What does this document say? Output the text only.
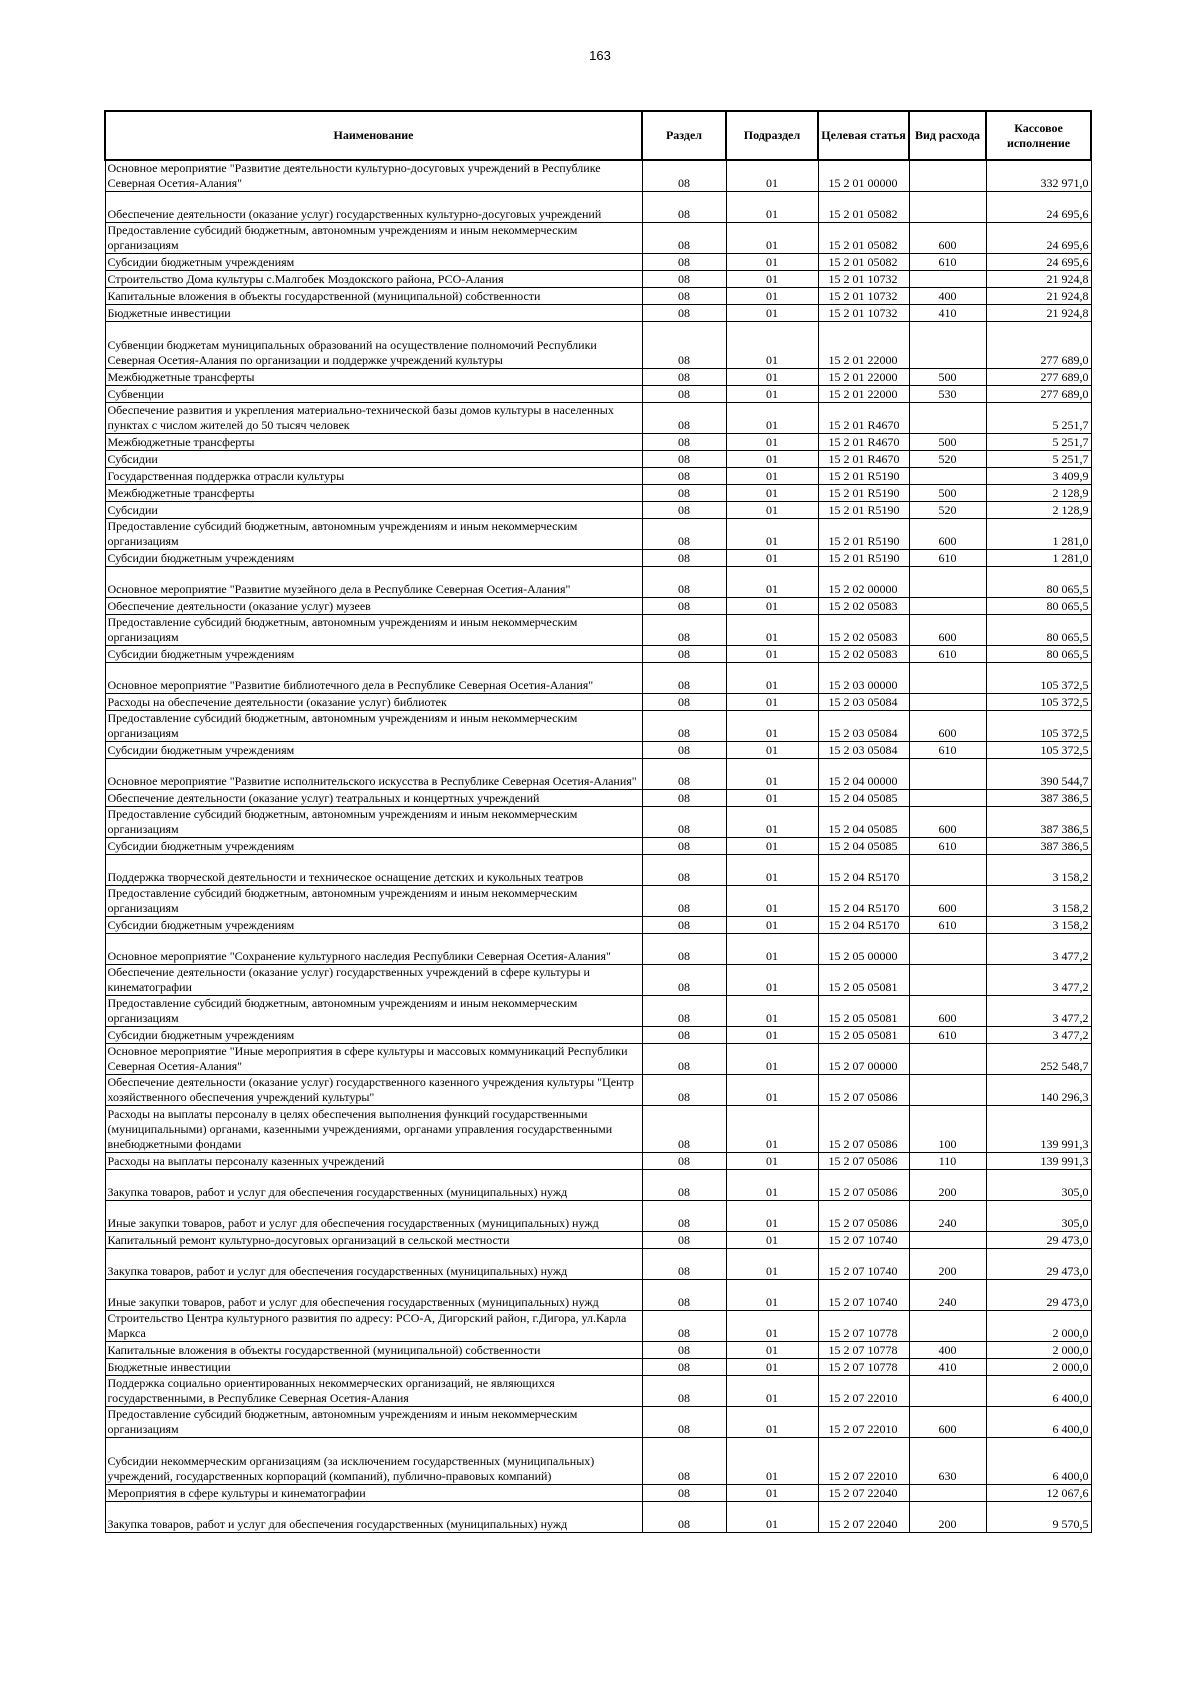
163
Наименование	Раздел	Подраздел	Целевая статья	Вид расхода	Кассовое исполнение
Основное мероприятие "Развитие деятельности культурно-досуговых учреждений в Республике Северная Осетия-Алания"	08	01	15 2 01 00000		332 971,0
Обеспечение деятельности (оказание услуг) государственных культурно-досуговых учреждений	08	01	15 2 01 05082		24 695,6
Предоставление субсидий бюджетным, автономным учреждениям и иным некоммерческим организациям	08	01	15 2 01 05082	600	24 695,6
Субсидии бюджетным учреждениям	08	01	15 2 01 05082	610	24 695,6
Строительство Дома культуры с.Малгобек Моздокского района, РСО-Алания	08	01	15 2 01 10732		21 924,8
Капитальные вложения в объекты государственной (муниципальной) собственности	08	01	15 2 01 10732	400	21 924,8
Бюджетные инвестиции	08	01	15 2 01 10732	410	21 924,8
Субвенции бюджетам муниципальных образований на осуществление полномочий Республики Северная Осетия-Алания по организации и поддержке учреждений культуры	08	01	15 2 01 22000		277 689,0
Межбюджетные трансферты	08	01	15 2 01 22000	500	277 689,0
Субвенции	08	01	15 2 01 22000	530	277 689,0
Обеспечение развития и укрепления материально-технической базы домов культуры в населенных пунктах с числом жителей до 50 тысяч человек	08	01	15 2 01 R4670		5 251,7
Межбюджетные трансферты	08	01	15 2 01 R4670	500	5 251,7
Субсидии	08	01	15 2 01 R4670	520	5 251,7
Государственная поддержка отрасли культуры	08	01	15 2 01 R5190		3 409,9
Межбюджетные трансферты	08	01	15 2 01 R5190	500	2 128,9
Субсидии	08	01	15 2 01 R5190	520	2 128,9
Предоставление субсидий бюджетным, автономным учреждениям и иным некоммерческим организациям	08	01	15 2 01 R5190	600	1 281,0
Субсидии бюджетным учреждениям	08	01	15 2 01 R5190	610	1 281,0
Основное мероприятие "Развитие музейного дела в Республике Северная Осетия-Алания"	08	01	15 2 02 00000		80 065,5
Обеспечение деятельности (оказание услуг) музеев	08	01	15 2 02 05083		80 065,5
Предоставление субсидий бюджетным, автономным учреждениям и иным некоммерческим организациям	08	01	15 2 02 05083	600	80 065,5
Субсидии бюджетным учреждениям	08	01	15 2 02 05083	610	80 065,5
Основное мероприятие "Развитие библиотечного дела в Республике Северная Осетия-Алания"	08	01	15 2 03 00000		105 372,5
Расходы на обеспечение деятельности (оказание услуг) библиотек	08	01	15 2 03 05084		105 372,5
Предоставление субсидий бюджетным, автономным учреждениям и иным некоммерческим организациям	08	01	15 2 03 05084	600	105 372,5
Субсидии бюджетным учреждениям	08	01	15 2 03 05084	610	105 372,5
Основное мероприятие "Развитие исполнительского искусства в Республике Северная Осетия-Алания"	08	01	15 2 04 00000		390 544,7
Обеспечение деятельности (оказание услуг) театральных и концертных учреждений	08	01	15 2 04 05085		387 386,5
Предоставление субсидий бюджетным, автономным учреждениям и иным некоммерческим организациям	08	01	15 2 04 05085	600	387 386,5
Субсидии бюджетным учреждениям	08	01	15 2 04 05085	610	387 386,5
Поддержка творческой деятельности и техническое оснащение детских и кукольных театров	08	01	15 2 04 R5170		3 158,2
Предоставление субсидий бюджетным, автономным учреждениям и иным некоммерческим организациям	08	01	15 2 04 R5170	600	3 158,2
Субсидии бюджетным учреждениям	08	01	15 2 04 R5170	610	3 158,2
Основное мероприятие "Сохранение культурного наследия Республики Северная Осетия-Алания"	08	01	15 2 05 00000		3 477,2
Обеспечение деятельности (оказание услуг) государственных учреждений в сфере культуры и кинематографии	08	01	15 2 05 05081		3 477,2
Предоставление субсидий бюджетным, автономным учреждениям и иным некоммерческим организациям	08	01	15 2 05 05081	600	3 477,2
Субсидии бюджетным учреждениям	08	01	15 2 05 05081	610	3 477,2
Основное мероприятие "Иные мероприятия в сфере культуры и массовых коммуникаций Республики Северная Осетия-Алания"	08	01	15 2 07 00000		252 548,7
Обеспечение деятельности (оказание услуг) государственного казенного учреждения культуры "Центр хозяйственного обеспечения учреждений культуры"	08	01	15 2 07 05086		140 296,3
Расходы на выплаты персоналу в целях обеспечения выполнения функций государственными (муниципальными) органами, казенными учреждениями, органами управления государственными внебюджетными фондами	08	01	15 2 07 05086	100	139 991,3
Расходы на выплаты персоналу казенных учреждений	08	01	15 2 07 05086	110	139 991,3
Закупка товаров, работ и услуг для обеспечения государственных (муниципальных) нужд	08	01	15 2 07 05086	200	305,0
Иные закупки товаров, работ и услуг для обеспечения государственных (муниципальных) нужд	08	01	15 2 07 05086	240	305,0
Капитальный ремонт культурно-досуговых организаций в сельской местности	08	01	15 2 07 10740		29 473,0
Закупка товаров, работ и услуг для обеспечения государственных (муниципальных) нужд	08	01	15 2 07 10740	200	29 473,0
Иные закупки товаров, работ и услуг для обеспечения государственных (муниципальных) нужд	08	01	15 2 07 10740	240	29 473,0
Строительство Центра культурного развития по адресу: РСО-А, Дигорский район, г.Дигора, ул.Карла Маркса	08	01	15 2 07 10778		2 000,0
Капитальные вложения в объекты государственной (муниципальной) собственности	08	01	15 2 07 10778	400	2 000,0
Бюджетные инвестиции	08	01	15 2 07 10778	410	2 000,0
Поддержка социально ориентированных некоммерческих организаций, не являющихся государственными, в Республике Северная Осетия-Алания	08	01	15 2 07 22010		6 400,0
Предоставление субсидий бюджетным, автономным учреждениям и иным некоммерческим организациям	08	01	15 2 07 22010	600	6 400,0
Субсидии некоммерческим организациям (за исключением государственных (муниципальных) учреждений, государственных корпораций (компаний), публично-правовых компаний)	08	01	15 2 07 22010	630	6 400,0
Мероприятия в сфере культуры и кинематографии	08	01	15 2 07 22040		12 067,6
Закупка товаров, работ и услуг для обеспечения государственных (муниципальных) нужд	08	01	15 2 07 22040	200	9 570,5
